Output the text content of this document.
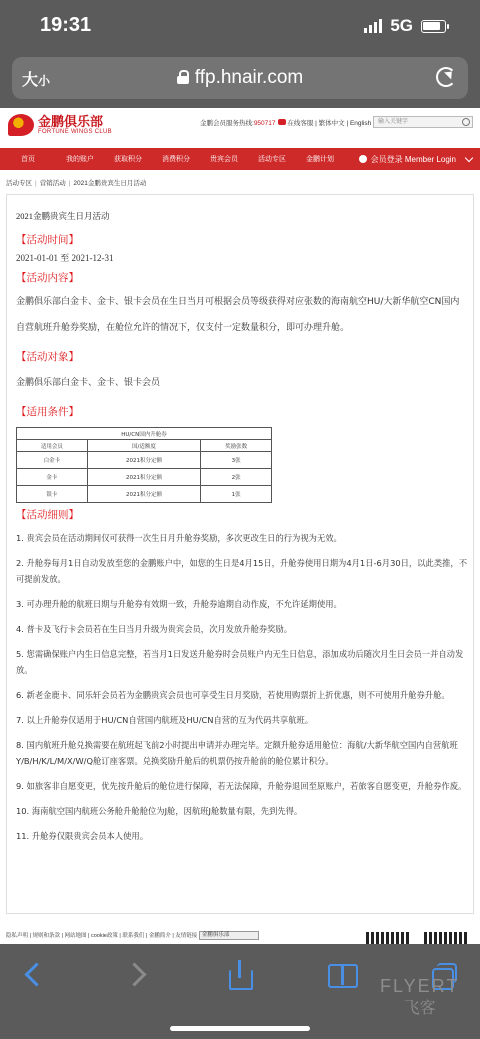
19:31	5G
大小	ffp.hnair.com
金鹏俱乐部
FORTUNE WINGS CLUB
金鹏会员服务热线:950717 在线客服 | 繁体中文 | English	输入关键字
首页	我的账户	获取积分	消费积分	贵宾会员	活动专区	金鹏计划	会员登录 Member Login
活动专区 | 营销活动 | 2021金鹏贵宾生日月活动
2021金鹏贵宾生日月活动
【活动时间】
2021-01-01 至 2021-12-31
【活动内容】
金鹏俱乐部白金卡、金卡、银卡会员在生日当月可根据会员等级获得对应张数的海南航空HU/大新华航空CN国内自营航班升舱券奖励，在舱位允许的情况下，仅支付一定数量积分，即可办理升舱。
【活动对象】
金鹏俱乐部白金卡、金卡、银卡会员
【适用条件】
HU/CN国内升舱券		
适用会员	国/适额度	奖励张数
白金卡	2021积分定额	3张
金卡	2021积分定额	2张
银卡	2021积分定额	1张
【活动细则】

1. 贵宾会员在活动期间仅可获得一次生日月升舱券奖励，多次更改生日的行为视为无效。

2. 升舱券每月1日自动发放至您的金鹏账户中，如您的生日是4月15日，升舱券使用日期为4月1日-6月30日，以此类推，不可提前发放。

3. 可办理升舱的航班日期与升舱券有效期一致，升舱券逾期自动作废，不允许延期使用。

4. 普卡及飞行卡会员若在生日当月升级为贵宾会员，次月发放升舱券奖励。

5. 您需确保账户内生日信息完整，若当月1日发送升舱券时会员账户内无生日信息，添加成功后随次月生日会员一并自动发放。

6. 新老金鹿卡、同乐轩会员若为金鹏贵宾会员也可享受生日月奖励，若使用购票折上折优惠，则不可使用升舱券升舱。

7. 以上升舱券仅适用于HU/CN自营国内航班及HU/CN自营的互为代码共享航班。

8. 国内航班升舱兑换需要在航班起飞前2小时提出申请并办理完毕。定额升舱券适用舱位：海航/大新华航空国内自营航班 Y/B/H/K/L/M/X/W/Q舱订座客票。兑换奖励升舱后的机票仍按升舱前的舱位累计积分。

9. 如旅客非自愿变更，优先按升舱后的舱位进行保障，若无法保障，升舱券退回至原账户，若旅客自愿变更，升舱券作废。

10. 海南航空国内航班公务舱升舱舱位为J舱，因航班J舱数量有限，先到先得。

11. 升舱券仅限贵宾会员本人使用。

隐私声明 | 规则和条款 | 网站地图 | cookie政策 | 联系我们 | 金鹏简介 | 友情链接 金鹏俱乐部
FLYERT
飞客
